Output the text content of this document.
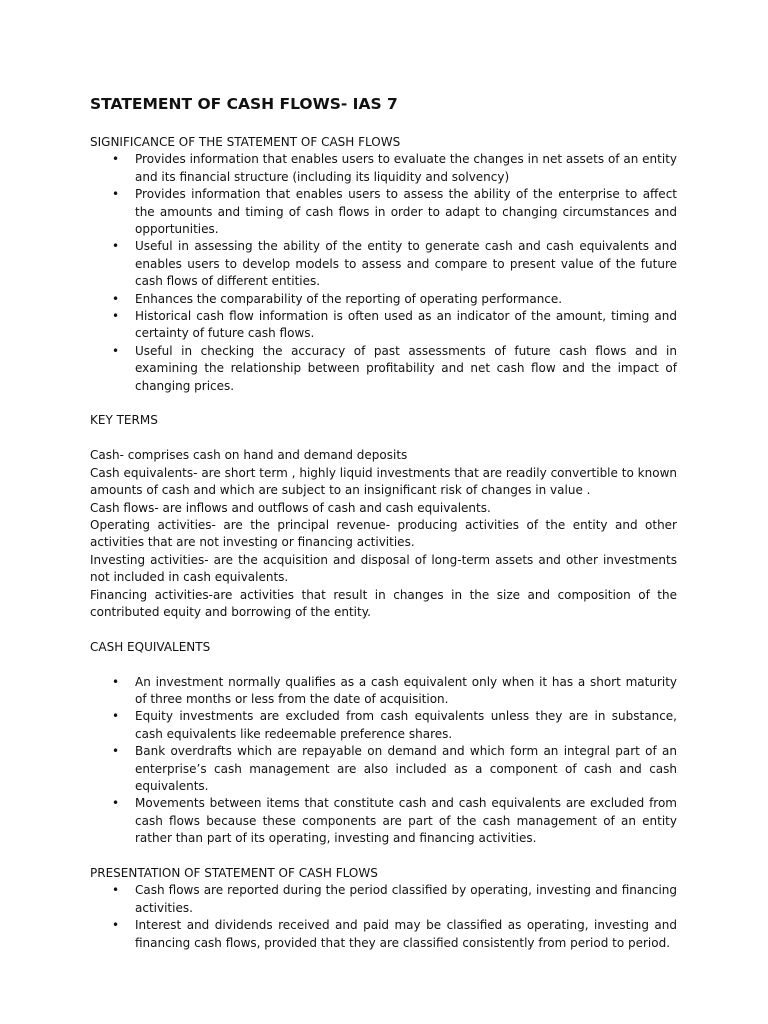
STATEMENT OF CASH FLOWS- IAS 7

SIGNIFICANCE OF THE STATEMENT OF CASH FLOWS

• Provides information that enables users to evaluate the changes in net assets of an entity and its financial structure (including its liquidity and solvency)
• Provides information that enables users to assess the ability of the enterprise to affect the amounts and timing of cash flows in order to adapt to changing circumstances and opportunities.
• Useful in assessing the ability of the entity to generate cash and cash equivalents and enables users to develop models to assess and compare to present value of the future cash flows of different entities.
• Enhances the comparability of the reporting of operating performance.
• Historical cash flow information is often used as an indicator of the amount, timing and certainty of future cash flows.
• Useful in checking the accuracy of past assessments of future cash flows and in examining the relationship between profitability and net cash flow and the impact of changing prices.

KEY TERMS

Cash- comprises cash on hand and demand deposits

Cash equivalents- are short term , highly liquid investments that are readily convertible to known amounts of cash and which are subject to an insignificant risk of changes in value .

Cash flows- are inflows and outflows of cash and cash equivalents.

Operating activities- are the principal revenue- producing activities of the entity and other activities that are not investing or financing activities.

Investing activities- are the acquisition and disposal of long-term assets and other investments not included in cash equivalents.

Financing activities-are activities that result in changes in the size and composition of the contributed equity and borrowing of the entity.

CASH EQUIVALENTS

• An investment normally qualifies as a cash equivalent only when it has a short maturity of three months or less from the date of acquisition.
• Equity investments are excluded from cash equivalents unless they are in substance, cash equivalents like redeemable preference shares.
• Bank overdrafts which are repayable on demand and which form an integral part of an enterprise’s cash management are also included as a component of cash and cash equivalents.
• Movements between items that constitute cash and cash equivalents are excluded from cash flows because these components are part of the cash management of an entity rather than part of its operating, investing and financing activities.

PRESENTATION OF STATEMENT OF CASH FLOWS

• Cash flows are reported during the period classified by operating, investing and financing activities.
• Interest and dividends received and paid may be classified as operating, investing and financing cash flows, provided that they are classified consistently from period to period.
